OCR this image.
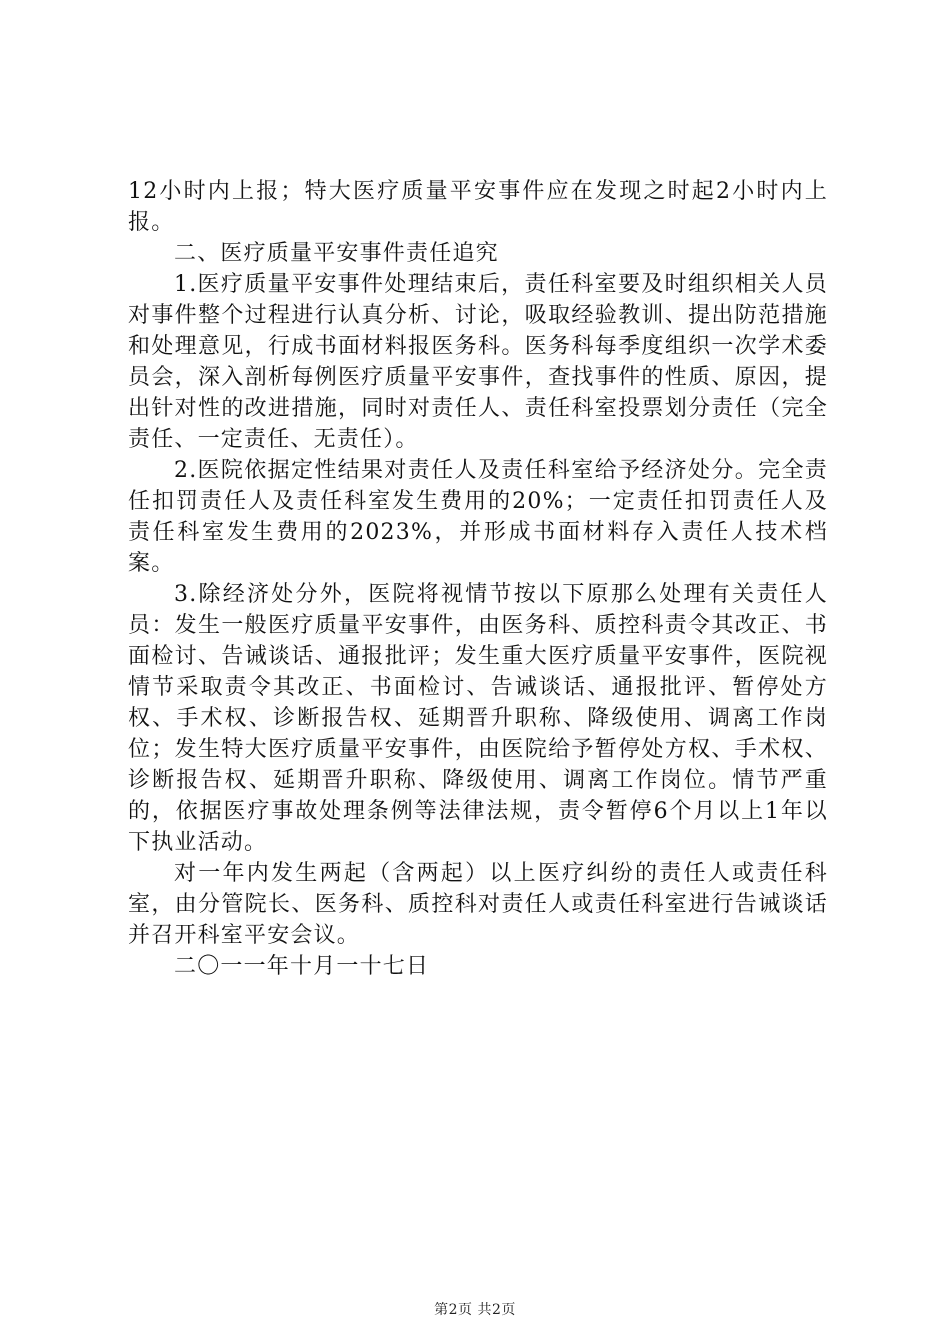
12小时内上报；特大医疗质量平安事件应在发现之时起2小时内上报。

二、医疗质量平安事件责任追究

1.医疗质量平安事件处理结束后，责任科室要及时组织相关人员对事件整个过程进行认真分析、讨论，吸取经验教训、提出防范措施和处理意见，行成书面材料报医务科。医务科每季度组织一次学术委员会，深入剖析每例医疗质量平安事件，查找事件的性质、原因，提出针对性的改进措施，同时对责任人、责任科室投票划分责任（完全责任、一定责任、无责任）。

2.医院依据定性结果对责任人及责任科室给予经济处分。完全责任扣罚责任人及责任科室发生费用的20%；一定责任扣罚责任人及责任科室发生费用的2023%，并形成书面材料存入责任人技术档案。

3.除经济处分外，医院将视情节按以下原那么处理有关责任人员：发生一般医疗质量平安事件，由医务科、质控科责令其改正、书面检讨、告诫谈话、通报批评；发生重大医疗质量平安事件，医院视情节采取责令其改正、书面检讨、告诫谈话、通报批评、暂停处方权、手术权、诊断报告权、延期晋升职称、降级使用、调离工作岗位；发生特大医疗质量平安事件，由医院给予暂停处方权、手术权、诊断报告权、延期晋升职称、降级使用、调离工作岗位。情节严重的，依据医疗事故处理条例等法律法规，责令暂停6个月以上1年以下执业活动。

对一年内发生两起（含两起）以上医疗纠纷的责任人或责任科室，由分管院长、医务科、质控科对责任人或责任科室进行告诫谈话并召开科室平安会议。

二〇一一年十月一十七日

第2页 共2页
